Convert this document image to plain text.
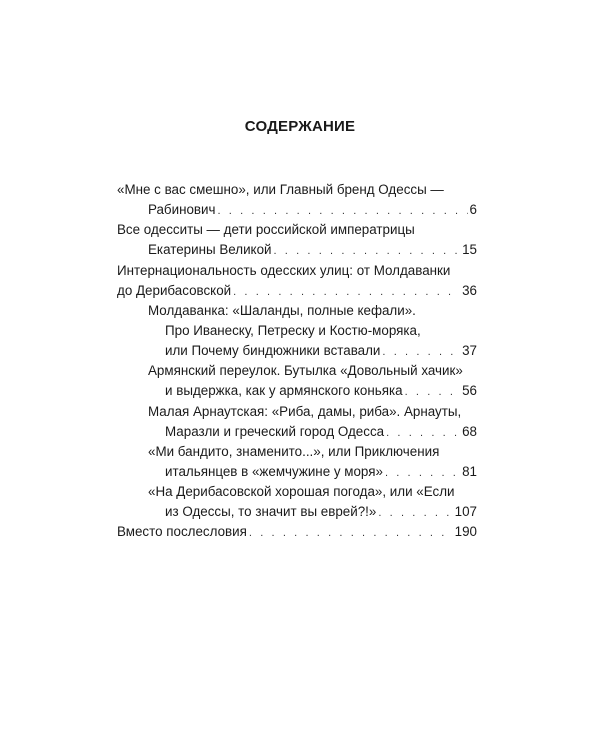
СОДЕРЖАНИЕ
«Мне с вас смешно», или Главный бренд Одессы —
Рабинович . . .	6
Все одесситы — дети российской императрицы
Екатерины Великой . . .	15
Интернациональность одесских улиц: от Молдаванки
до Дерибасовской . . .	36
Молдаванка: «Шаланды, полные кефали».
Про Иванеску, Петреску и Костю-моряка,
или Почему биндюжники вставали . . .	37
Армянский переулок. Бутылка «Довольный хачик»
и выдержка, как у армянского коньяка . . .	56
Малая Арнаутская: «Риба, дамы, риба». Арнауты,
Маразли и греческий город Одесса . . .	68
«Ми бандито, знаменито...», или Приключения
итальянцев в «жемчужине у моря» . . .	81
«На Дерибасовской хорошая погода», или «Если
из Одессы, то значит вы еврей?!» . . .	107
Вместо послесловия . . .	190
